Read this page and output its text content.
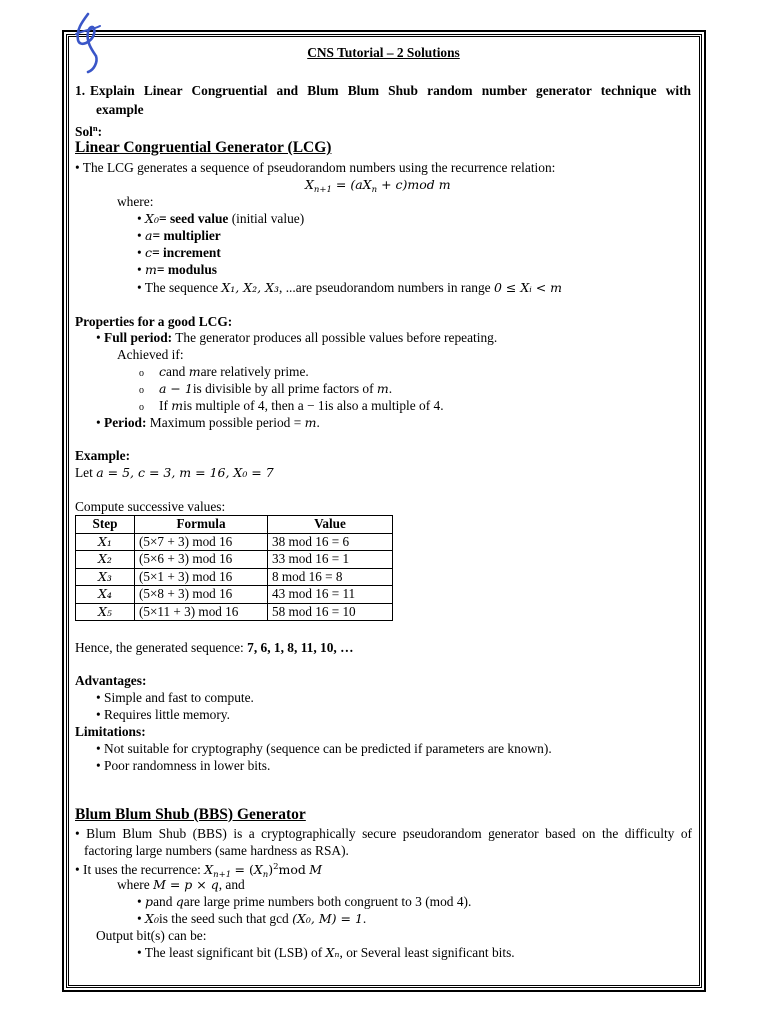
CNS Tutorial – 2 Solutions
1. Explain Linear Congruential and Blum Blum Shub random number generator technique with
example
Sol$^n$:
Linear Congruential Generator (LCG)
• The LCG generates a sequence of pseudorandom numbers using the recurrence relation:
$X_{n+1} = (aX_n + c)mod$ m
where:
• X₀= seed value (initial value)
• a= multiplier
• c= increment
• m= modulus
• The sequence X₁, X₂, X₃, ...are pseudorandom numbers in range 0 ≤ Xᵢ < m
Properties for a good LCG:
• Full period: The generator produces all possible values before repeating.
Achieved if:
o cand mare relatively prime.
o a − 1is divisible by all prime factors of m.
o If mis multiple of 4, then a − 1is also a multiple of 4.
• Period: Maximum possible period = m.
Example:
Let a = 5, c = 3, m = 16, X₀ = 7
Compute successive values:
Step	Formula	Value
X₁	(5×7 + 3) mod 16	38 mod 16 = 6
X₂	(5×6 + 3) mod 16	33 mod 16 = 1
X₃	(5×1 + 3) mod 16	8 mod 16 = 8
X₄	(5×8 + 3) mod 16	43 mod 16 = 11
X₅	(5×11 + 3) mod 16	58 mod 16 = 10
Hence, the generated sequence: 7, 6, 1, 8, 11, 10, …
Advantages:
• Simple and fast to compute.
• Requires little memory.
Limitations:
• Not suitable for cryptography (sequence can be predicted if parameters are known).
• Poor randomness in lower bits.
Blum Blum Shub (BBS) Generator
• Blum Blum Shub (BBS) is a cryptographically secure pseudorandom generator based on the difficulty of
factoring large numbers (same hardness as RSA).
• It uses the recurrence: $X_{n+1} = (X_n)^2mod$ M
where M = p × q, and
• pand qare large prime numbers both congruent to 3 (mod 4).
• X₀is the seed such that gcd (X₀, M) = 1.
Output bit(s) can be:
• The least significant bit (LSB) of Xₙ, or Several least significant bits.
